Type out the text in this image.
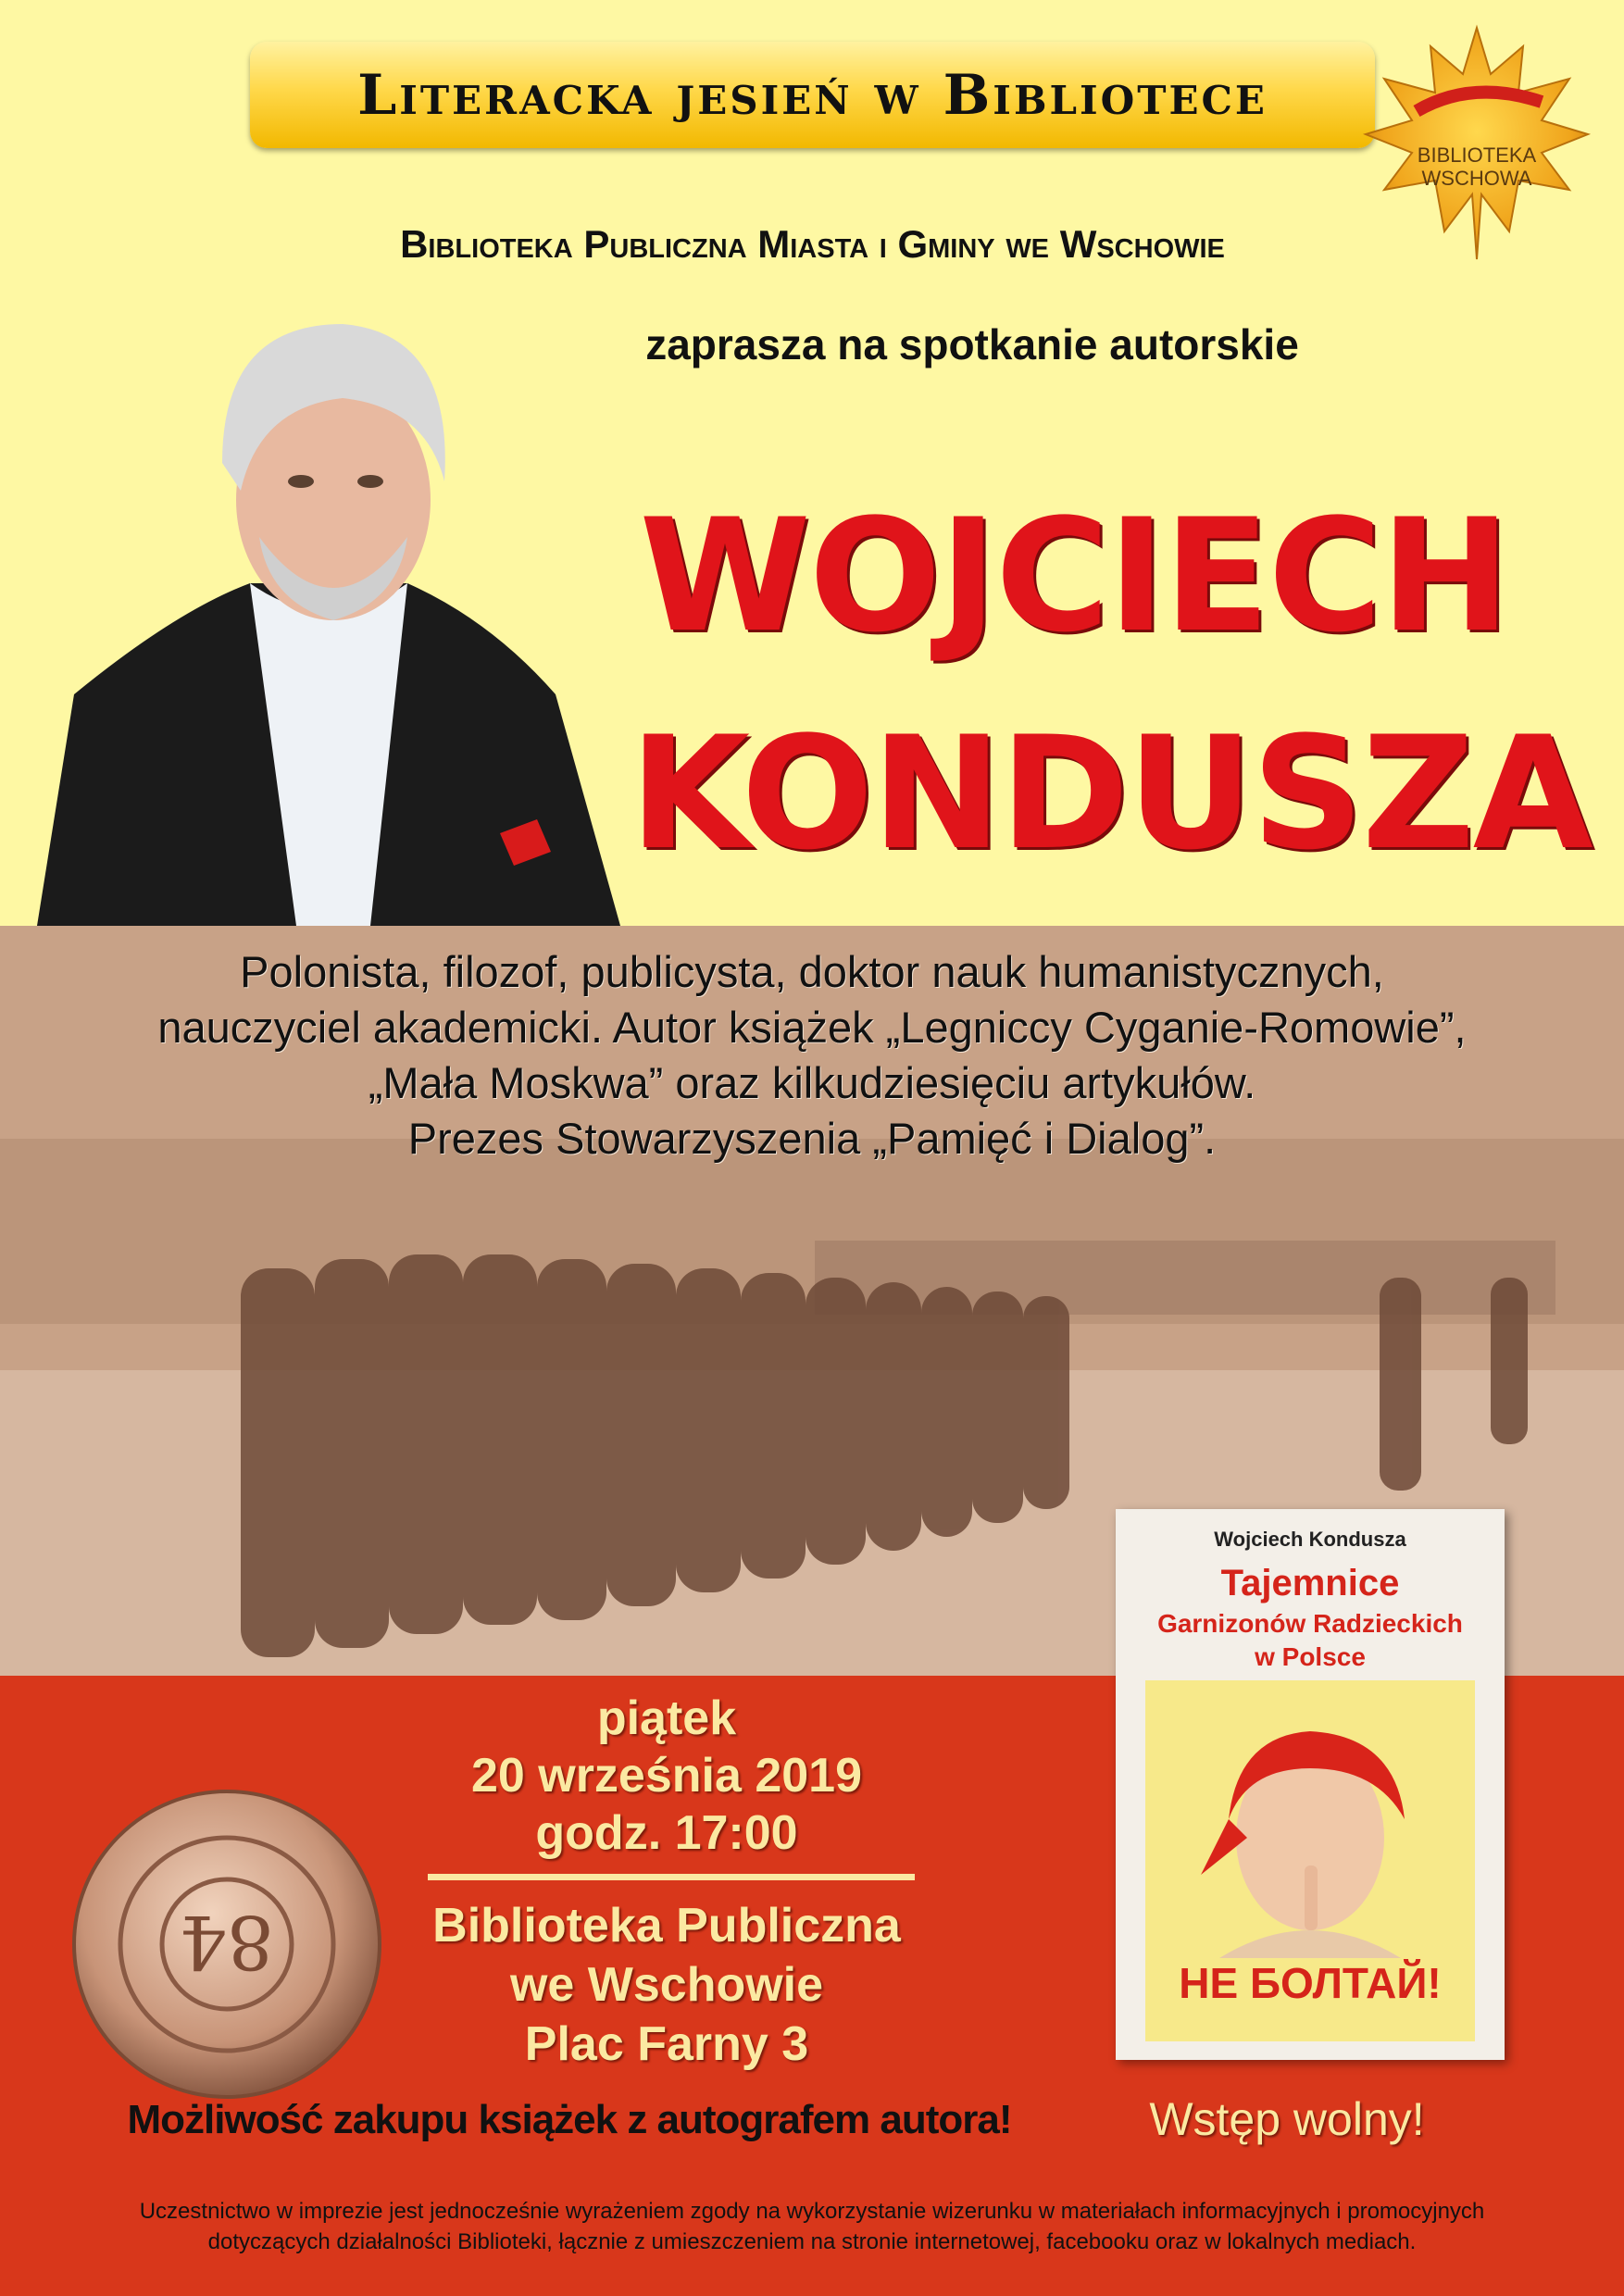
Literacka jesień w Bibliotece
BIBLIOTEKA
WSCHOWA
Biblioteka Publiczna Miasta i Gminy we Wschowie
zaprasza na spotkanie autorskie
WOJCIECH
KONDUSZA
Polonista, filozof, publicysta, doktor nauk humanistycznych,
nauczyciel akademicki. Autor książek „Legniccy Cyganie-Romowie”,
„Mała Moskwa” oraz kilkudziesięciu artykułów.
Prezes Stowarzyszenia „Pamięć i Dialog”.
piątek
20 września 2019
godz. 17:00
Biblioteka Publiczna
we Wschowie
Plac Farny 3
84
Wojciech Kondusza
Tajemnice
Garnizonów Radzieckich
w Polsce
НЕ БОЛТАЙ!
Możliwość zakupu książek z autografem autora!	Wstęp wolny!
Uczestnictwo w imprezie jest jednocześnie wyrażeniem zgody na wykorzystanie wizerunku w materiałach informacyjnych i promocyjnych
dotyczących działalności Biblioteki, łącznie z umieszczeniem na stronie internetowej, facebooku oraz w lokalnych mediach.
